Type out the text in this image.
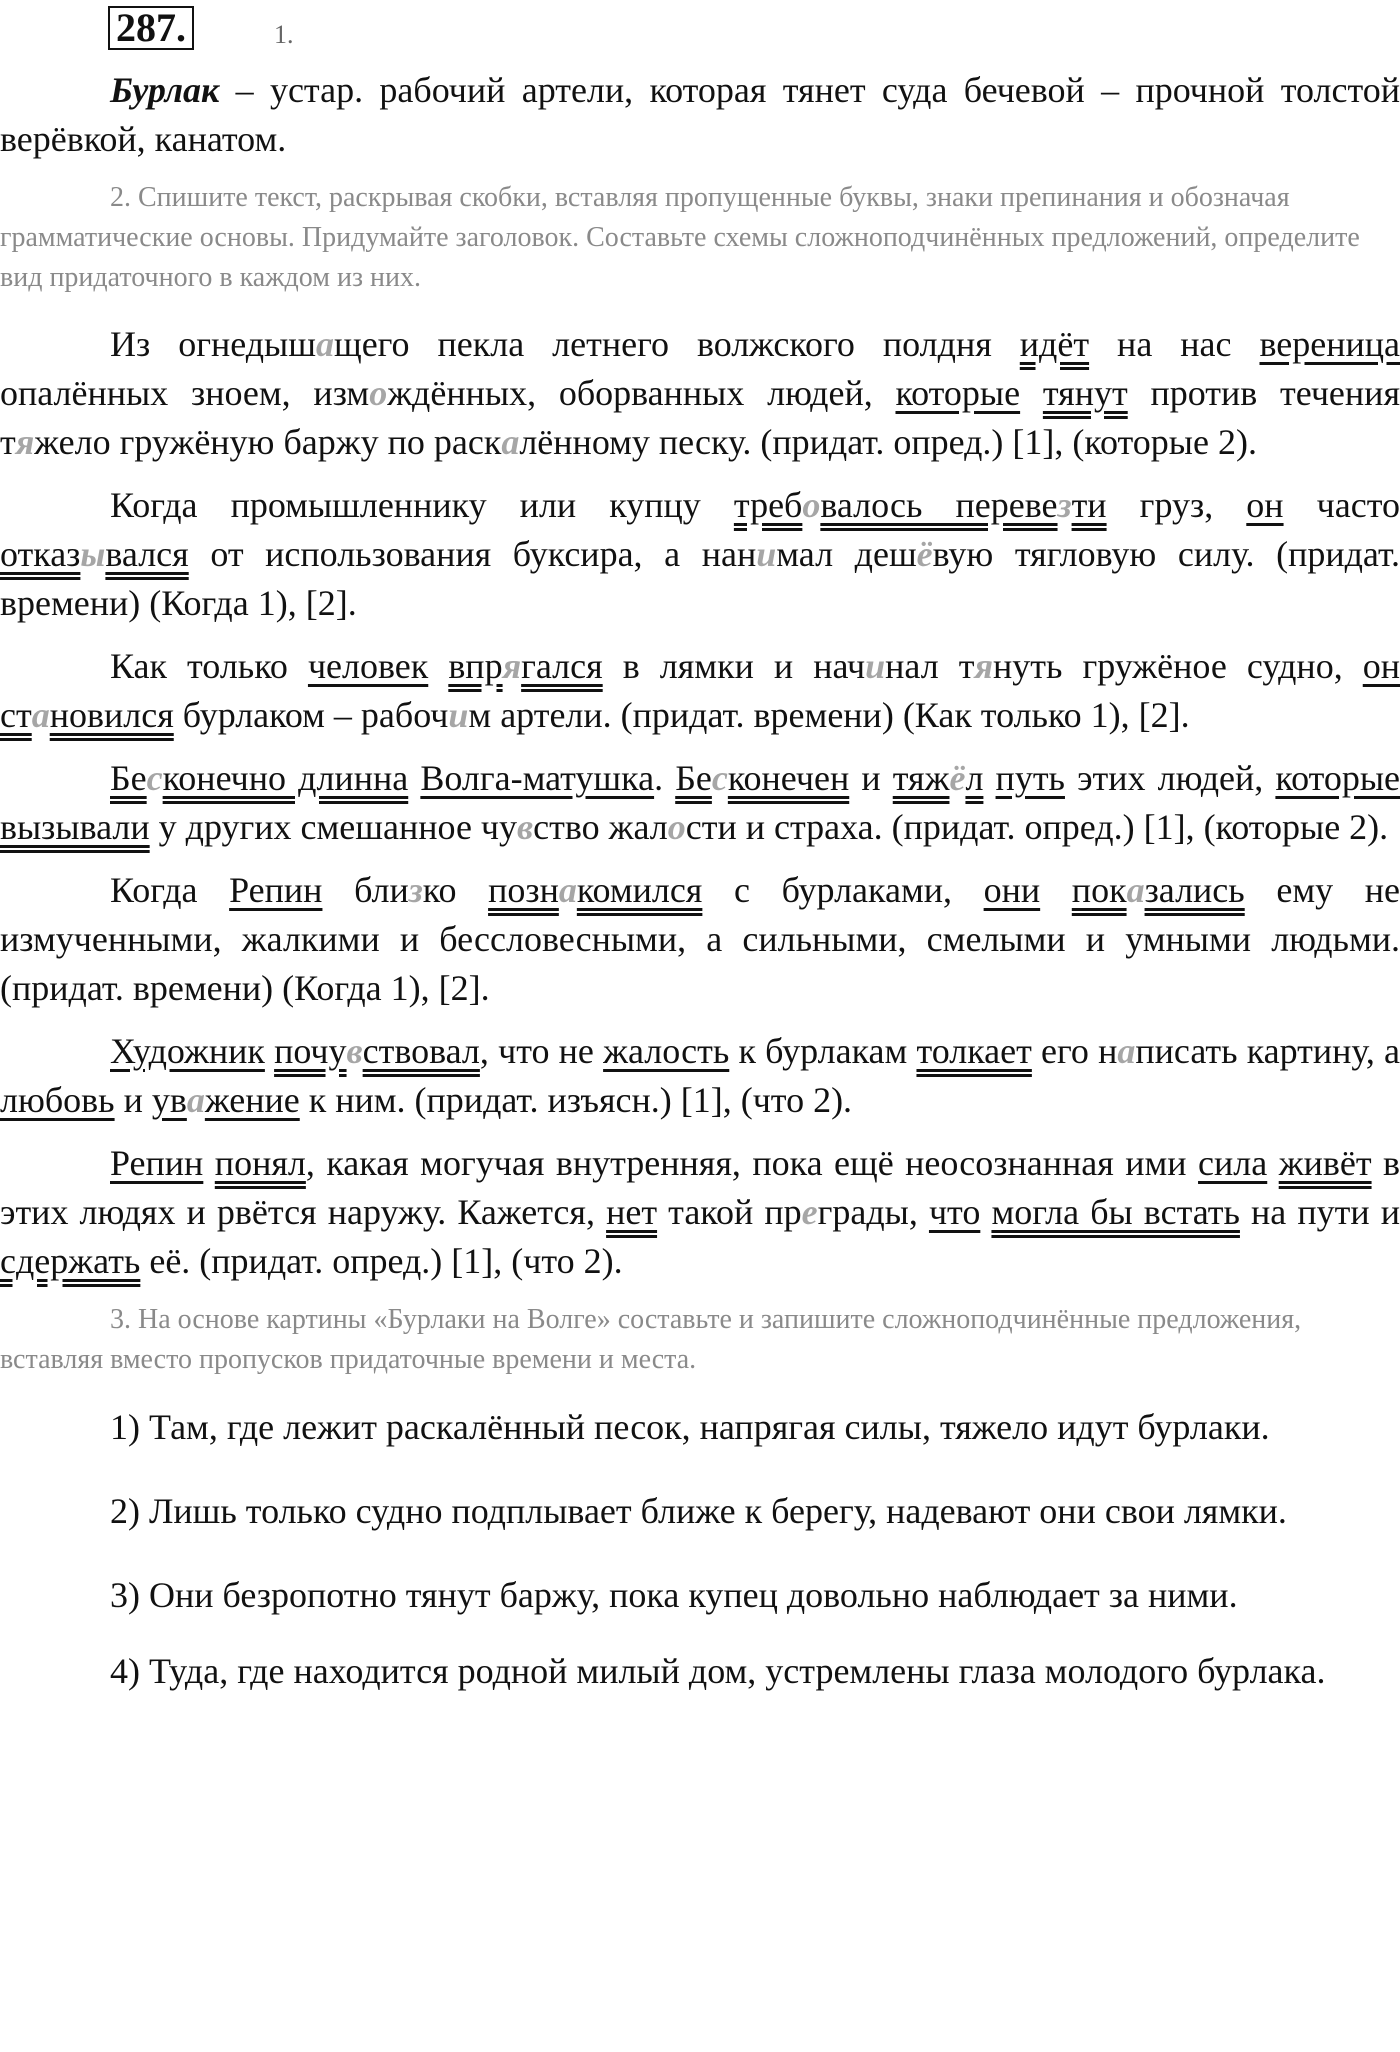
287.	1.

Бурлак – устар. рабочий артели, которая тянет суда бечевой – прочной толстой верёвкой, канатом.

2. Спишите текст, раскрывая скобки, вставляя пропущенные буквы, знаки препинания и обозначая грамматические основы. Придумайте заголовок. Составьте схемы сложноподчинённых предложений, определите вид придаточного в каждом из них.

Из огнедышащего пекла летнего волжского полдня идёт на нас вереница опалённых зноем, измождённых, оборванных людей, которые тянут против течения тяжело гружёную баржу по раскалённому песку. (придат. опред.) [1], (которые 2).

Когда промышленнику или купцу требовалось перевезти груз, он часто отказывался от использования буксира, а нанимал дешёвую тягловую силу. (придат. времени) (Когда 1), [2].

Как только человек впрягался в лямки и начинал тянуть гружёное судно, он становился бурлаком – рабочим артели. (придат. времени) (Как только 1), [2].

Бесконечно длинна Волга-матушка. Бесконечен и тяжёл путь этих людей, которые вызывали у других смешанное чувство жалости и страха. (придат. опред.) [1], (которые 2).

Когда Репин близко познакомился с бурлаками, они показались ему не измученными, жалкими и бессловесными, а сильными, смелыми и умными людьми. (придат. времени) (Когда 1), [2].

Художник почувствовал, что не жалость к бурлакам толкает его написать картину, а любовь и уважение к ним. (придат. изъясн.) [1], (что 2).

Репин понял, какая могучая внутренняя, пока ещё неосознанная ими сила живёт в этих людях и рвётся наружу. Кажется, нет такой преграды, что могла бы встать на пути и сдержать её. (придат. опред.) [1], (что 2).

3. На основе картины «Бурлаки на Волге» составьте и запишите сложноподчинённые предложения, вставляя вместо пропусков придаточные времени и места.

1) Там, где лежит раскалённый песок, напрягая силы, тяжело идут бурлаки.

2) Лишь только судно подплывает ближе к берегу, надевают они свои лямки.

3) Они безропотно тянут баржу, пока купец довольно наблюдает за ними.

4) Туда, где находится родной милый дом, устремлены глаза молодого бурлака.
